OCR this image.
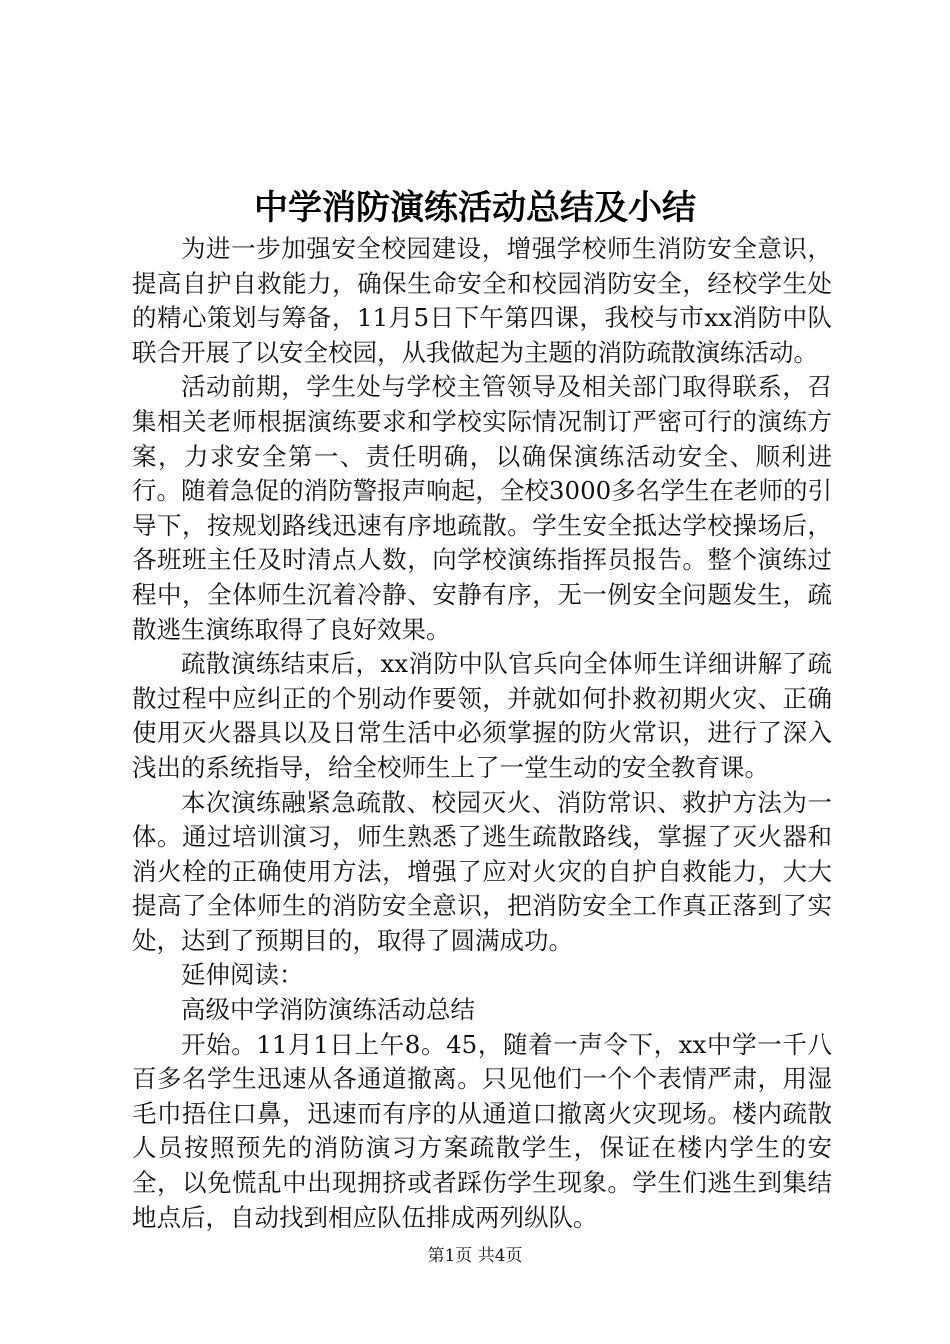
中学消防演练活动总结及小结

为进一步加强安全校园建设，增强学校师生消防安全意识，提高自护自救能力，确保生命安全和校园消防安全，经校学生处的精心策划与筹备，11月5日下午第四课，我校与市xx消防中队联合开展了以安全校园，从我做起为主题的消防疏散演练活动。

活动前期，学生处与学校主管领导及相关部门取得联系，召集相关老师根据演练要求和学校实际情况制订严密可行的演练方案，力求安全第一、责任明确，以确保演练活动安全、顺利进行。随着急促的消防警报声响起，全校3000多名学生在老师的引导下，按规划路线迅速有序地疏散。学生安全抵达学校操场后，各班班主任及时清点人数，向学校演练指挥员报告。整个演练过程中，全体师生沉着冷静、安静有序，无一例安全问题发生，疏散逃生演练取得了良好效果。

疏散演练结束后，xx消防中队官兵向全体师生详细讲解了疏散过程中应纠正的个别动作要领，并就如何扑救初期火灾、正确使用灭火器具以及日常生活中必须掌握的防火常识，进行了深入浅出的系统指导，给全校师生上了一堂生动的安全教育课。

本次演练融紧急疏散、校园灭火、消防常识、救护方法为一体。通过培训演习，师生熟悉了逃生疏散路线，掌握了灭火器和消火栓的正确使用方法，增强了应对火灾的自护自救能力，大大提高了全体师生的消防安全意识，把消防安全工作真正落到了实处，达到了预期目的，取得了圆满成功。

延伸阅读：

高级中学消防演练活动总结

开始。11月1日上午8。45，随着一声令下，xx中学一千八百多名学生迅速从各通道撤离。只见他们一个个表情严肃，用湿毛巾捂住口鼻，迅速而有序的从通道口撤离火灾现场。楼内疏散人员按照预先的消防演习方案疏散学生，保证在楼内学生的安全，以免慌乱中出现拥挤或者踩伤学生现象。学生们逃生到集结地点后，自动找到相应队伍排成两列纵队。

第1页 共4页
